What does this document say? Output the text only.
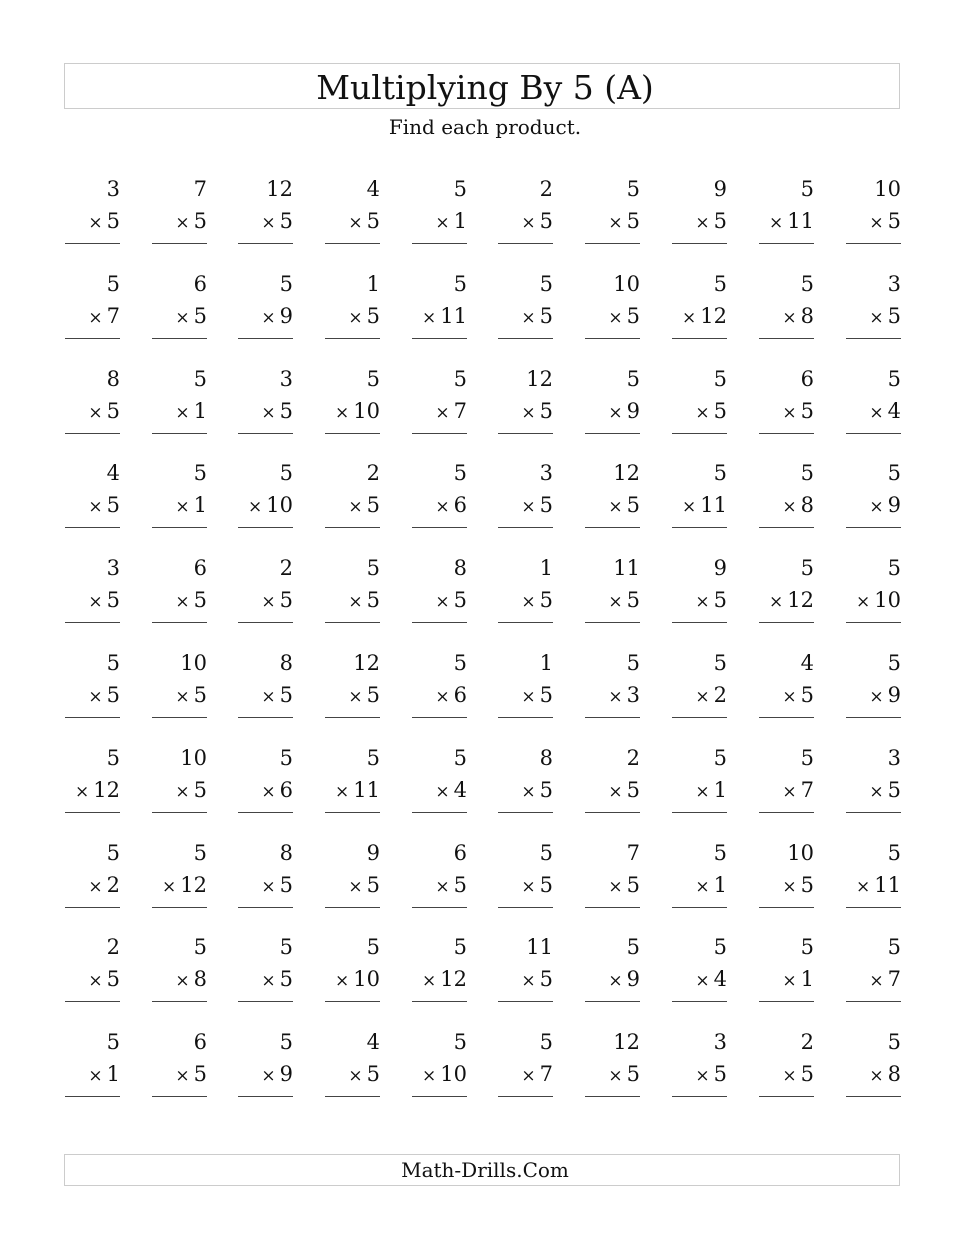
Multiplying By 5 (A)
Find each product.
3
× 5
7
× 5
12
× 5
4
× 5
5
× 1
2
× 5
5
× 5
9
× 5
5
× 11
10
× 5
5
× 7
6
× 5
5
× 9
1
× 5
5
× 11
5
× 5
10
× 5
5
× 12
5
× 8
3
× 5
8
× 5
5
× 1
3
× 5
5
× 10
5
× 7
12
× 5
5
× 9
5
× 5
6
× 5
5
× 4
4
× 5
5
× 1
5
× 10
2
× 5
5
× 6
3
× 5
12
× 5
5
× 11
5
× 8
5
× 9
3
× 5
6
× 5
2
× 5
5
× 5
8
× 5
1
× 5
11
× 5
9
× 5
5
× 12
5
× 10
5
× 5
10
× 5
8
× 5
12
× 5
5
× 6
1
× 5
5
× 3
5
× 2
4
× 5
5
× 9
5
× 12
10
× 5
5
× 6
5
× 11
5
× 4
8
× 5
2
× 5
5
× 1
5
× 7
3
× 5
5
× 2
5
× 12
8
× 5
9
× 5
6
× 5
5
× 5
7
× 5
5
× 1
10
× 5
5
× 11
2
× 5
5
× 8
5
× 5
5
× 10
5
× 12
11
× 5
5
× 9
5
× 4
5
× 1
5
× 7
5
× 1
6
× 5
5
× 9
4
× 5
5
× 10
5
× 7
12
× 5
3
× 5
2
× 5
5
× 8
Math-Drills.Com
